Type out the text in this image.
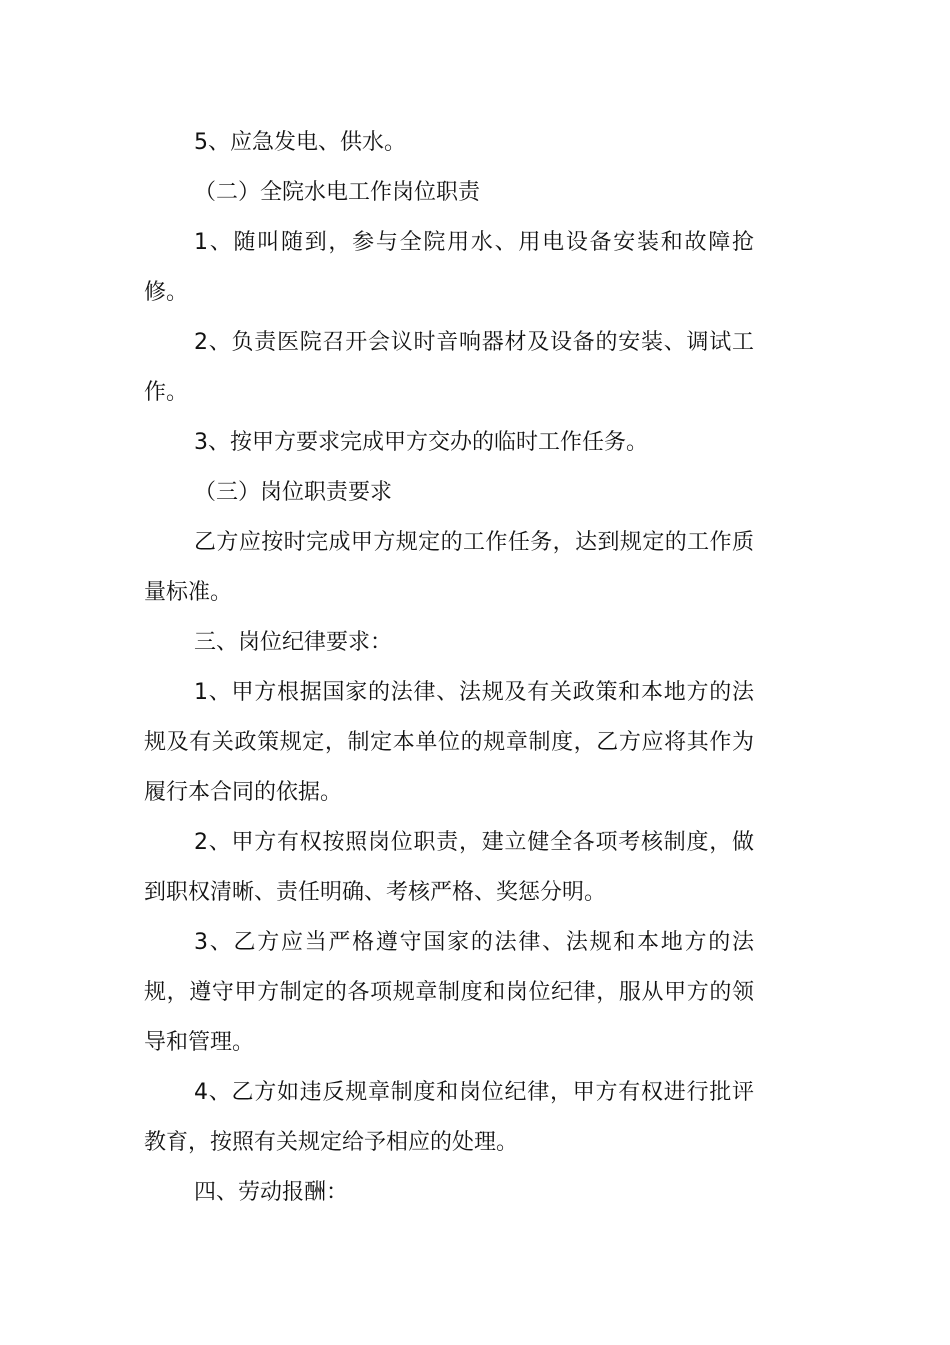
5、应急发电、供水。

（二）全院水电工作岗位职责

1、随叫随到，参与全院用水、用电设备安装和故障抢修。

2、负责医院召开会议时音响器材及设备的安装、调试工作。

3、按甲方要求完成甲方交办的临时工作任务。

（三）岗位职责要求

乙方应按时完成甲方规定的工作任务，达到规定的工作质量标准。

三、岗位纪律要求：

1、甲方根据国家的法律、法规及有关政策和本地方的法规及有关政策规定，制定本单位的规章制度，乙方应将其作为履行本合同的依据。

2、甲方有权按照岗位职责，建立健全各项考核制度，做到职权清晰、责任明确、考核严格、奖惩分明。

3、乙方应当严格遵守国家的法律、法规和本地方的法规，遵守甲方制定的各项规章制度和岗位纪律，服从甲方的领导和管理。

4、乙方如违反规章制度和岗位纪律，甲方有权进行批评教育，按照有关规定给予相应的处理。

四、劳动报酬：
